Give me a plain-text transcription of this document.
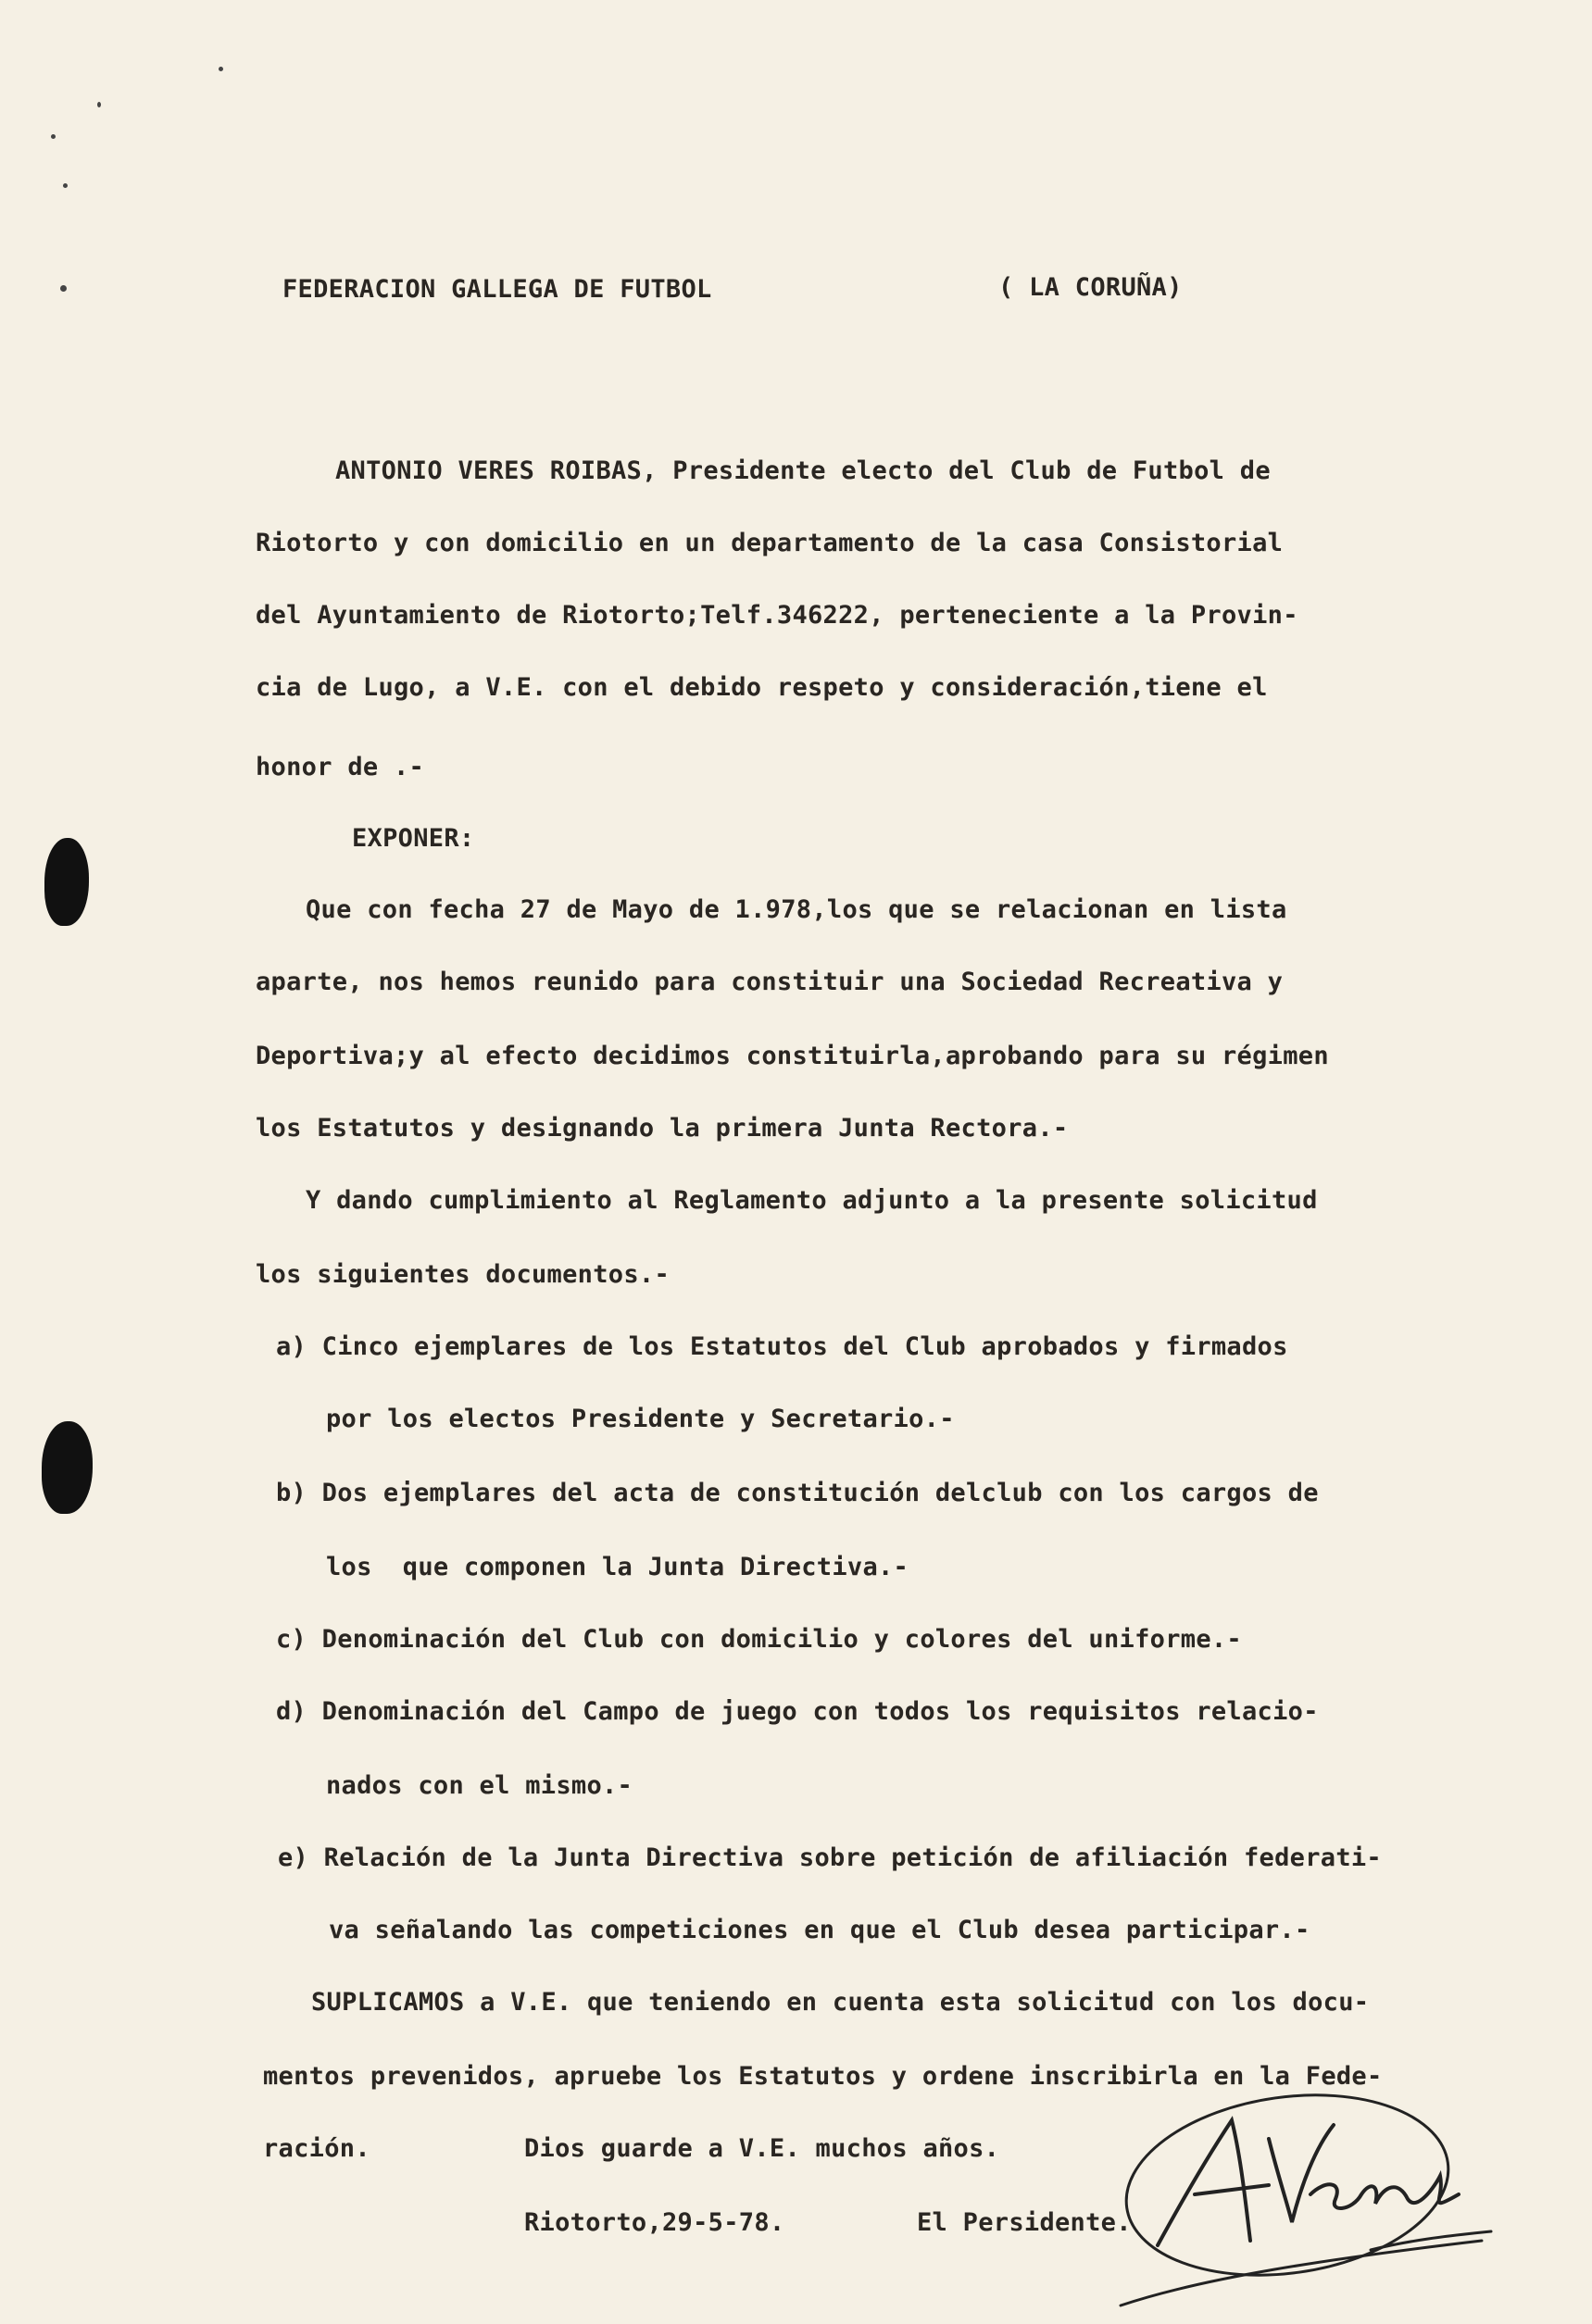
FEDERACION GALLEGA DE FUTBOL	( LA CORUÑA)
ANTONIO VERES ROIBAS, Presidente electo del Club de Futbol de
Riotorto y con domicilio en un departamento de la casa Consistorial
del Ayuntamiento de Riotorto;Telf.346222, perteneciente a la Provin-
cia de Lugo, a V.E. con el debido respeto y consideración,tiene el
honor de .-
EXPONER:
Que con fecha 27 de Mayo de 1.978,los que se relacionan en lista
aparte, nos hemos reunido para constituir una Sociedad Recreativa y
Deportiva;y al efecto decidimos constituirla,aprobando para su régimen
los Estatutos y designando la primera Junta Rectora.-
Y dando cumplimiento al Reglamento adjunto a la presente solicitud
los siguientes documentos.-
a) Cinco ejemplares de los Estatutos del Club aprobados y firmados
por los electos Presidente y Secretario.-
b) Dos ejemplares del acta de constitución delclub con los cargos de
los  que componen la Junta Directiva.-
c) Denominación del Club con domicilio y colores del uniforme.-
d) Denominación del Campo de juego con todos los requisitos relacio-
nados con el mismo.-
e) Relación de la Junta Directiva sobre petición de afiliación federati-
va señalando las competiciones en que el Club desea participar.-
SUPLICAMOS a V.E. que teniendo en cuenta esta solicitud con los docu-
mentos prevenidos, apruebe los Estatutos y ordene inscribirla en la Fede-
ración.	Dios guarde a V.E. muchos años.
Riotorto,29-5-78.	El Persidente.
